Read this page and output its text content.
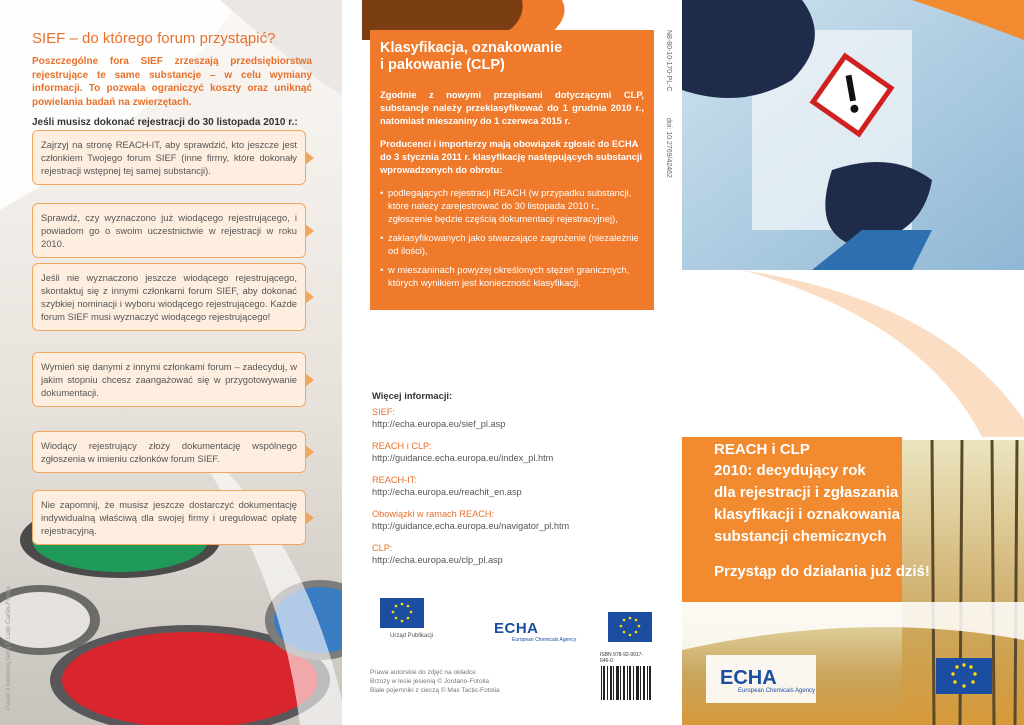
SIEF – do którego forum przystąpić?
Poszczególne fora SIEF zrzeszają przedsiębiorstwa rejestrujące te same substancje – w celu wymiany informacji. To pozwala ograniczyć koszty oraz uniknąć powielania badań na zwierzętach.
Jeśli musisz dokonać rejestracji do 30 listopada 2010 r.:
Zajrzyj na stronę REACH-IT, aby sprawdzić, kto jeszcze jest członkiem Twojego forum SIEF (inne firmy, które dokonały rejestracji wstępnej tej samej substancji).
Sprawdź, czy wyznaczono już wiodącego rejestrującego, i powiadom go o swoim uczestnictwie w rejestracji w roku 2010.
Jeśli nie wyznaczono jeszcze wiodącego rejestrującego, skontaktuj się z innymi członkami forum SIEF, aby dokonać szybkiej nominacji i wyboru wiodącego rejestrującego. Każde forum SIEF musi wyznaczyć wiodącego rejestrującego!
Wymień się danymi z innymi członkami forum – zadecyduj, w jakim stopniu chcesz zaangażować się w przygotowywanie dokumentacji.
Wiodący rejestrujący złoży dokumentację wspólnego zgłoszenia w imieniu członków forum SIEF.
Nie zapomnij, że musisz jeszcze dostarczyć dokumentację indywidualną właściwą dla swojej firmy i uregulować opłatę rejestracyjną.
Puszki z kolorową farbą © Ludo Cartés-Fotolia
Klasyfikacja, oznakowanie
i pakowanie (CLP)
Zgodnie z nowymi przepisami dotyczącymi CLP, substancje należy przeklasyfikować do 1 grudnia 2010 r., natomiast mieszaniny do 1 czerwca 2015 r.
Producenci i importerzy mają obowiązek zgłosić do ECHA do 3 stycznia 2011 r. klasyfikację następujących substancji wprowadzonych do obrotu:
• podlegających rejestracji REACH (w przypadku substancji, które należy zarejestrować do 30 listopada 2010 r., zgłoszenie będzie częścią dokumentacji rejestracyjnej),
• zaklasyfikowanych jako stwarzające zagrożenie (niezależnie od ilości),
• w mieszaninach powyżej określonych stężeń granicznych, których wynikiem jest konieczność klasyfikacji.
N8-80-10-170-PL-C
doi: 10.2769/42462
Więcej informacji:
SIEF:
http://echa.europa.eu/sief_pl.asp
REACH i CLP:
http://guidance.echa.europa.eu/index_pl.htm
REACH-IT:
http://echa.europa.eu/reachit_en.asp
Obowiązki w ramach REACH:
http://guidance.echa.europa.eu/navigator_pl.htm
CLP:
http://echa.europa.eu/clp_pl.asp
Urząd Publikacji	ECHA
European Chemicals Agency
Prawa autorskie do zdjęć na okładce
Brzozy w lesie jesienią © Jordano-Fotolia
Białe pojemniki z cieczą © Max Tactic-Fotolia
ISBN 978-92-9017-646-0
REACH i CLP
2010: decydujący rok
dla rejestracji i zgłaszania
klasyfikacji i oznakowania
substancji chemicznych
Przystąp do działania już dziś!
ECHA
European Chemicals Agency
